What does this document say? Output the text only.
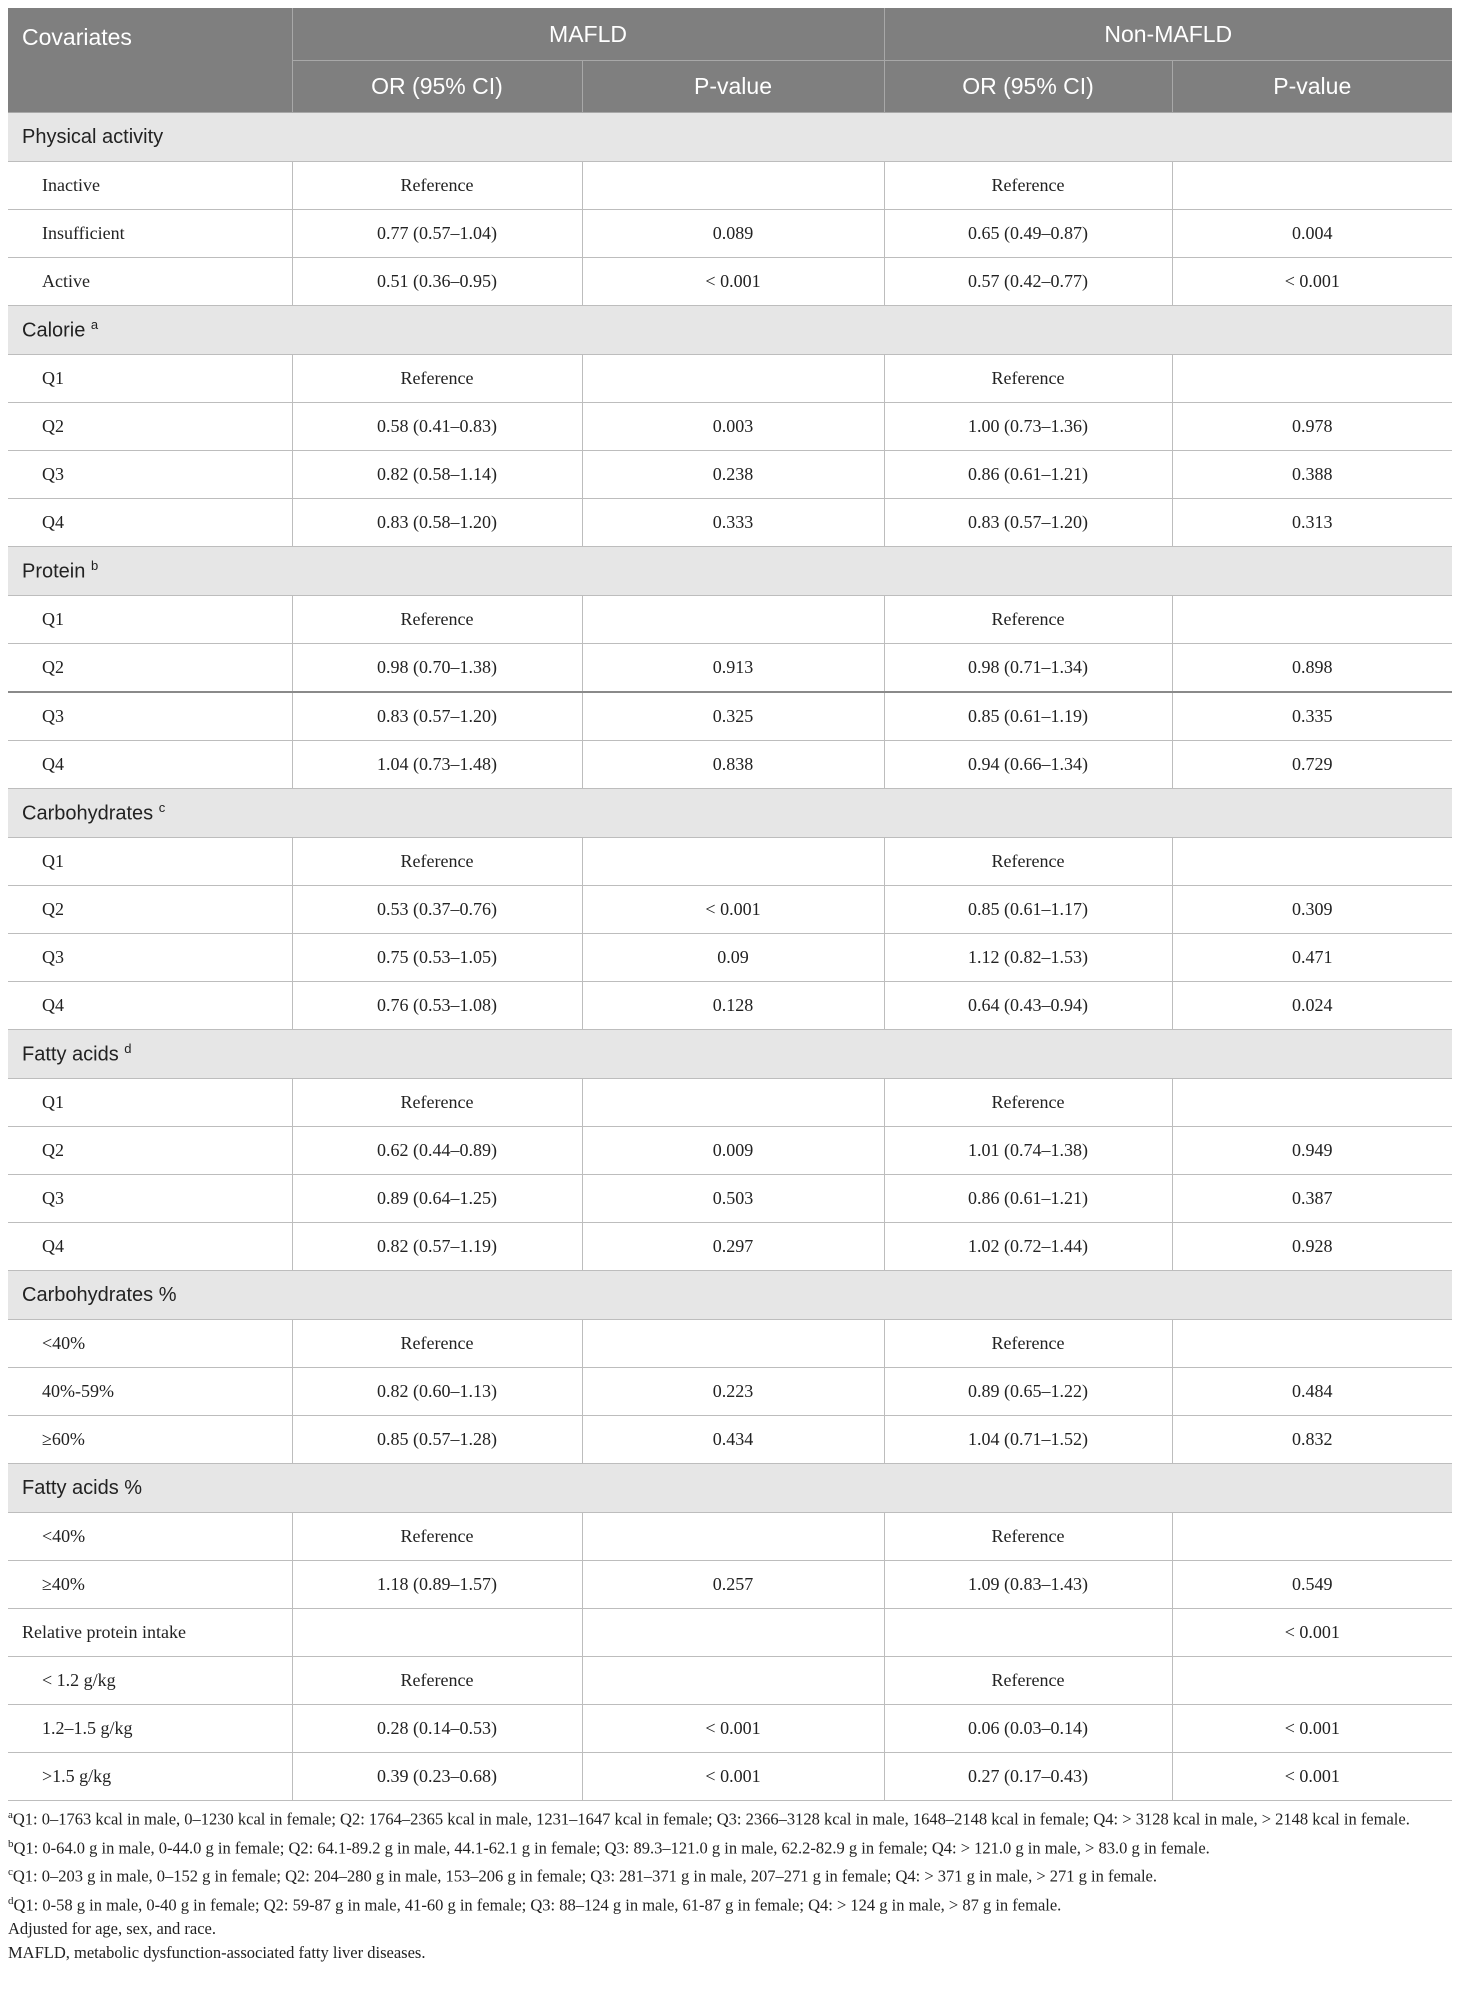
Covariates	MAFLD		Non-MAFLD	
	OR (95% CI)	P-value	OR (95% CI)	P-value
Physical activity				
Inactive	Reference		Reference	
Insufficient	0.77 (0.57–1.04)	0.089	0.65 (0.49–0.87)	0.004
Active	0.51 (0.36–0.95)	< 0.001	0.57 (0.42–0.77)	< 0.001
Calorie $^a$
Q1	Reference		Reference	
Q2	0.58 (0.41–0.83)	0.003	1.00 (0.73–1.36)	0.978
Q3	0.82 (0.58–1.14)	0.238	0.86 (0.61–1.21)	0.388
Q4	0.83 (0.58–1.20)	0.333	0.83 (0.57–1.20)	0.313
Protein $^b$
Q1	Reference		Reference	
Q2	0.98 (0.70–1.38)	0.913	0.98 (0.71–1.34)	0.898
Q3	0.83 (0.57–1.20)	0.325	0.85 (0.61–1.19)	0.335
Q4	1.04 (0.73–1.48)	0.838	0.94 (0.66–1.34)	0.729
Carbohydrates $^c$
Q1	Reference		Reference	
Q2	0.53 (0.37–0.76)	< 0.001	0.85 (0.61–1.17)	0.309
Q3	0.75 (0.53–1.05)	0.09	1.12 (0.82–1.53)	0.471
Q4	0.76 (0.53–1.08)	0.128	0.64 (0.43–0.94)	0.024
Fatty acids $^d$
Q1	Reference		Reference	
Q2	0.62 (0.44–0.89)	0.009	1.01 (0.74–1.38)	0.949
Q3	0.89 (0.64–1.25)	0.503	0.86 (0.61–1.21)	0.387
Q4	0.82 (0.57–1.19)	0.297	1.02 (0.72–1.44)	0.928
Carbohydrates %				
<40%	Reference		Reference	
40%-59%	0.82 (0.60–1.13)	0.223	0.89 (0.65–1.22)	0.484
≥60%	0.85 (0.57–1.28)	0.434	1.04 (0.71–1.52)	0.832
Fatty acids %				
<40%	Reference		Reference	
≥40%	1.18 (0.89–1.57)	0.257	1.09 (0.83–1.43)	0.549
Relative protein intake				< 0.001
< 1.2 g/kg	Reference		Reference	
1.2–1.5 g/kg	0.28 (0.14–0.53)	< 0.001	0.06 (0.03–0.14)	< 0.001
>1.5 g/kg	0.39 (0.23–0.68)	< 0.001	0.27 (0.17–0.43)	< 0.001

$^a$Q1: 0–1763 kcal in male, 0–1230 kcal in female; Q2: 1764–2365 kcal in male, 1231–1647 kcal in female; Q3: 2366–3128 kcal in male, 1648–2148 kcal in female; Q4: > 3128 kcal in male, > 2148 kcal in female.

$^b$Q1: 0-64.0 g in male, 0-44.0 g in female; Q2: 64.1-89.2 g in male, 44.1-62.1 g in female; Q3: 89.3–121.0 g in male, 62.2-82.9 g in female; Q4: > 121.0 g in male, > 83.0 g in female.

$^c$Q1: 0–203 g in male, 0–152 g in female; Q2: 204–280 g in male, 153–206 g in female; Q3: 281–371 g in male, 207–271 g in female; Q4: > 371 g in male, > 271 g in female.

$^d$Q1: 0-58 g in male, 0-40 g in female; Q2: 59-87 g in male, 41-60 g in female; Q3: 88–124 g in male, 61-87 g in female; Q4: > 124 g in male, > 87 g in female.

Adjusted for age, sex, and race.

MAFLD, metabolic dysfunction-associated fatty liver diseases.
